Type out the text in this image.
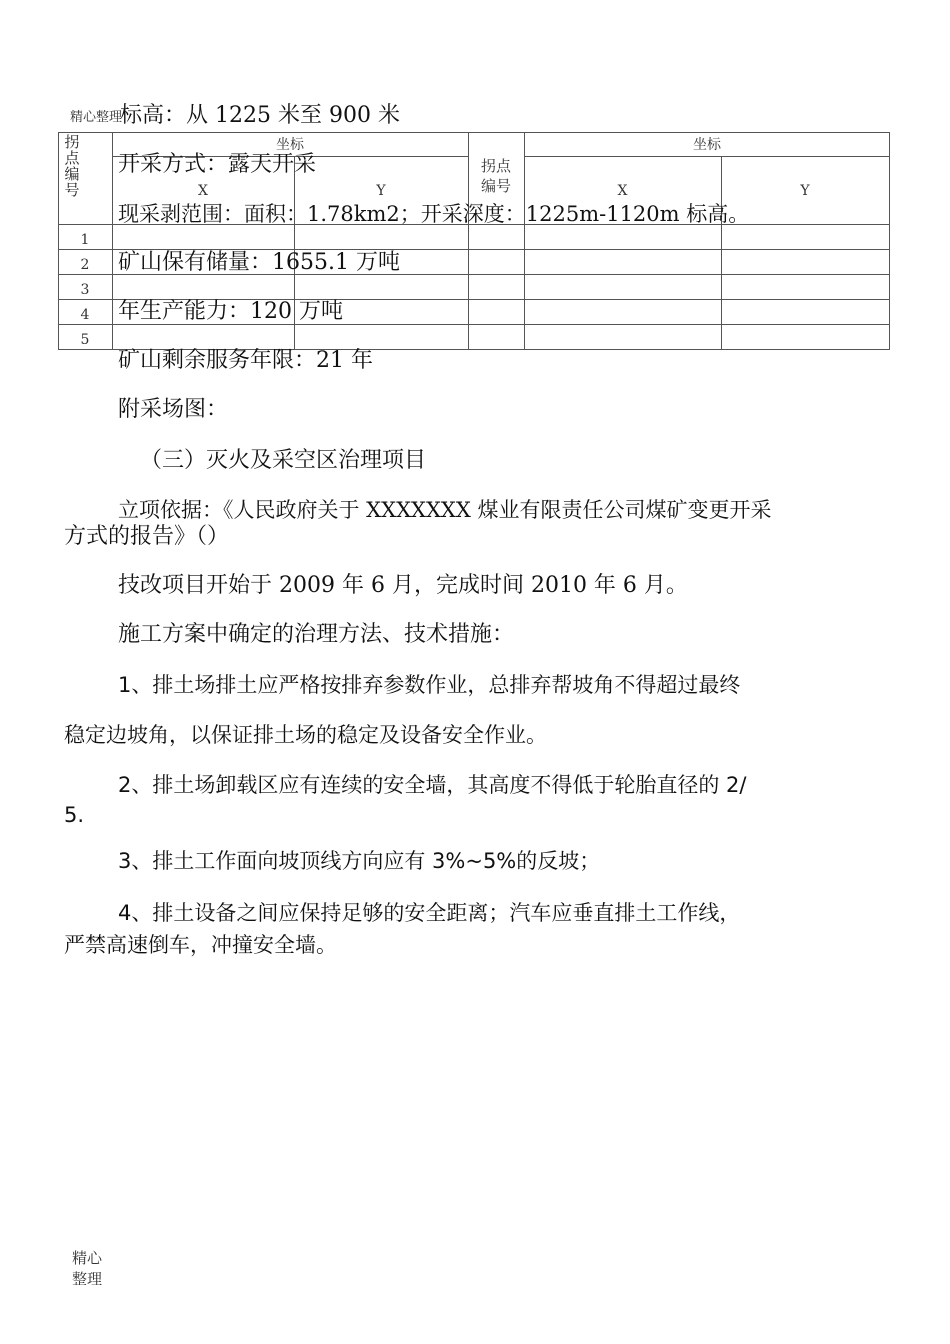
精心整理
拐点编号
坐标
X	Y
拐点编号
坐标
X	Y
1
2
3
4
5
标高：从 1225 米至 900 米
开采方式：露天开采
现采剥范围：面积：1.78km2；开采深度：1225m-1120m 标高。
矿山保有储量：1655.1 万吨
年生产能力：120 万吨
矿山剩余服务年限：21 年
附采场图：
（三）灭火及采空区治理项目
立项依据：《人民政府关于 XXXXXXX 煤业有限责任公司煤矿变更开采
方式的报告》（）
技改项目开始于 2009 年 6 月，完成时间 2010 年 6 月。
施工方案中确定的治理方法、技术措施：
1、排土场排土应严格按排弃参数作业，总排弃帮坡角不得超过最终
稳定边坡角，以保证排土场的稳定及设备安全作业。
2、排土场卸载区应有连续的安全墙，其高度不得低于轮胎直径的 2/
5.
3、排土工作面向坡顶线方向应有 3%~5%的反坡；
4、排土设备之间应保持足够的安全距离；汽车应垂直排土工作线，
严禁高速倒车，冲撞安全墙。
精心整理
